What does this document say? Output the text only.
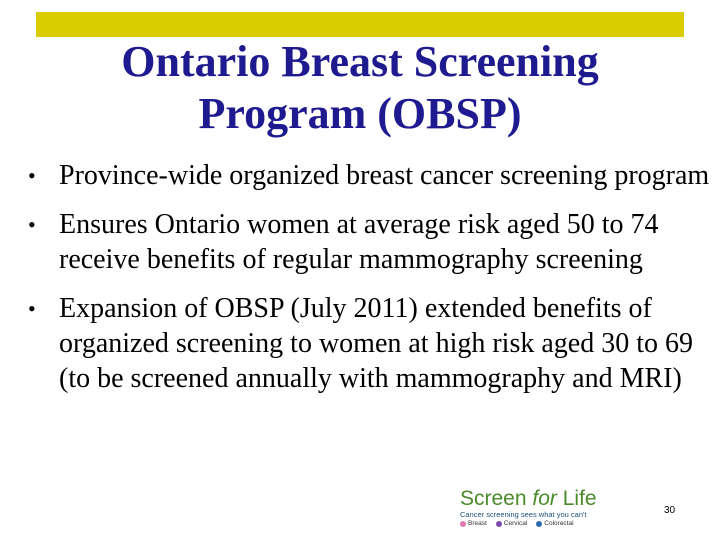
Ontario Breast Screening
Program (OBSP)
• Province-wide organized breast cancer screening program
• Ensures Ontario women at average risk aged 50 to 74 receive benefits of regular mammography screening
• Expansion of OBSP (July 2011) extended benefits of organized screening to women at high risk aged 30 to 69 (to be screened annually with mammography and MRI)
Screen for Life
Cancer screening sees what you can't
Breast	Cervical	Colorectal
30
